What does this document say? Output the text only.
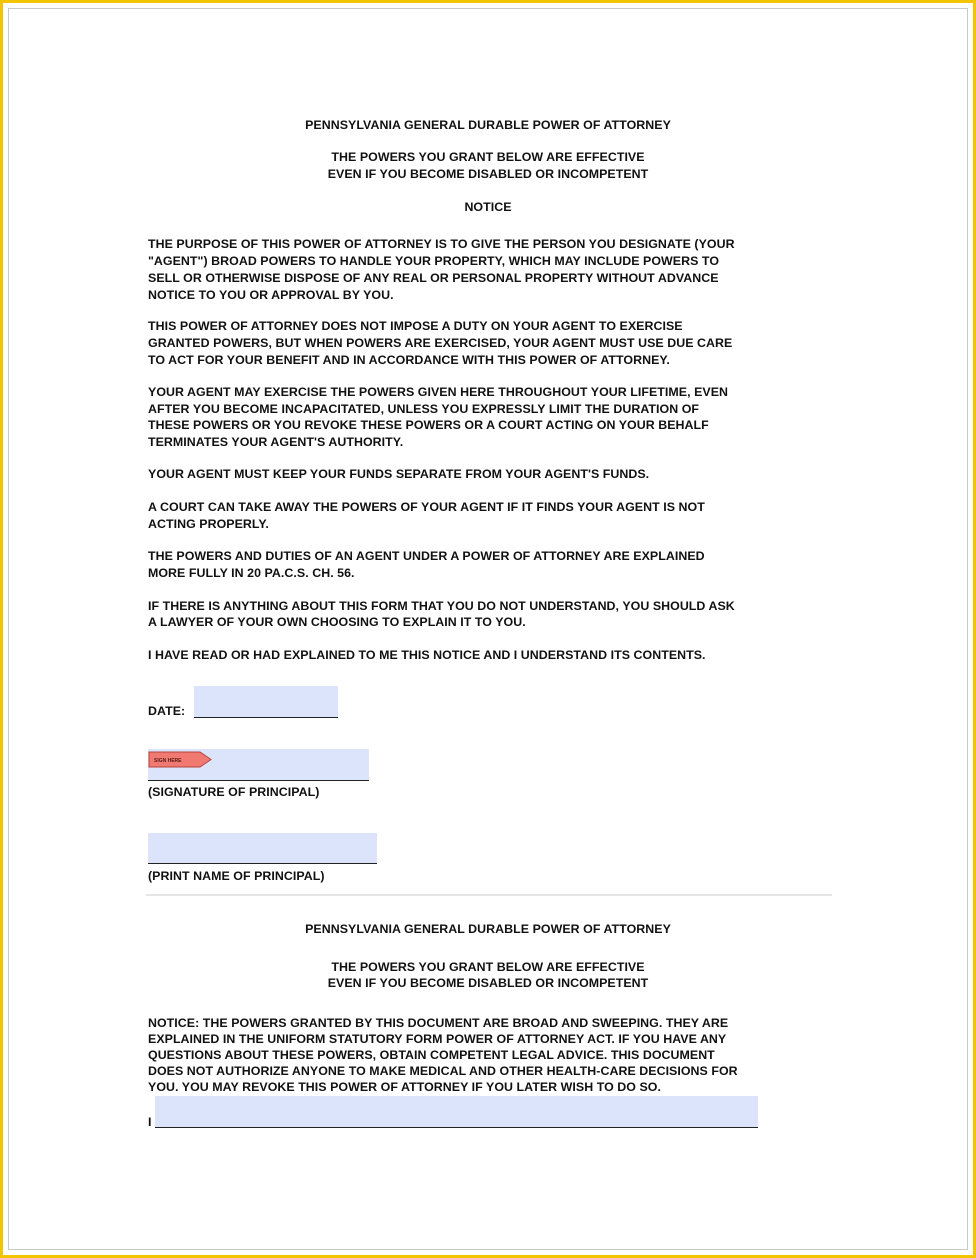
PENNSYLVANIA GENERAL DURABLE POWER OF ATTORNEY
THE POWERS YOU GRANT BELOW ARE EFFECTIVE
EVEN IF YOU BECOME DISABLED OR INCOMPETENT
NOTICE
THE PURPOSE OF THIS POWER OF ATTORNEY IS TO GIVE THE PERSON YOU DESIGNATE (YOUR
"AGENT") BROAD POWERS TO HANDLE YOUR PROPERTY, WHICH MAY INCLUDE POWERS TO
SELL OR OTHERWISE DISPOSE OF ANY REAL OR PERSONAL PROPERTY WITHOUT ADVANCE
NOTICE TO YOU OR APPROVAL BY YOU.
THIS POWER OF ATTORNEY DOES NOT IMPOSE A DUTY ON YOUR AGENT TO EXERCISE
GRANTED POWERS, BUT WHEN POWERS ARE EXERCISED, YOUR AGENT MUST USE DUE CARE
TO ACT FOR YOUR BENEFIT AND IN ACCORDANCE WITH THIS POWER OF ATTORNEY.
YOUR AGENT MAY EXERCISE THE POWERS GIVEN HERE THROUGHOUT YOUR LIFETIME, EVEN
AFTER YOU BECOME INCAPACITATED, UNLESS YOU EXPRESSLY LIMIT THE DURATION OF
THESE POWERS OR YOU REVOKE THESE POWERS OR A COURT ACTING ON YOUR BEHALF
TERMINATES YOUR AGENT'S AUTHORITY.
YOUR AGENT MUST KEEP YOUR FUNDS SEPARATE FROM YOUR AGENT'S FUNDS.
A COURT CAN TAKE AWAY THE POWERS OF YOUR AGENT IF IT FINDS YOUR AGENT IS NOT
ACTING PROPERLY.
THE POWERS AND DUTIES OF AN AGENT UNDER A POWER OF ATTORNEY ARE EXPLAINED
MORE FULLY IN 20 PA.C.S. CH. 56.
IF THERE IS ANYTHING ABOUT THIS FORM THAT YOU DO NOT UNDERSTAND, YOU SHOULD ASK
A LAWYER OF YOUR OWN CHOOSING TO EXPLAIN IT TO YOU.
I HAVE READ OR HAD EXPLAINED TO ME THIS NOTICE AND I UNDERSTAND ITS CONTENTS.
DATE:
SIGN HERE
(SIGNATURE OF PRINCIPAL)
(PRINT NAME OF PRINCIPAL)
PENNSYLVANIA GENERAL DURABLE POWER OF ATTORNEY
THE POWERS YOU GRANT BELOW ARE EFFECTIVE
EVEN IF YOU BECOME DISABLED OR INCOMPETENT
NOTICE: THE POWERS GRANTED BY THIS DOCUMENT ARE BROAD AND SWEEPING. THEY ARE
EXPLAINED IN THE UNIFORM STATUTORY FORM POWER OF ATTORNEY ACT. IF YOU HAVE ANY
QUESTIONS ABOUT THESE POWERS, OBTAIN COMPETENT LEGAL ADVICE. THIS DOCUMENT
DOES NOT AUTHORIZE ANYONE TO MAKE MEDICAL AND OTHER HEALTH-CARE DECISIONS FOR
YOU. YOU MAY REVOKE THIS POWER OF ATTORNEY IF YOU LATER WISH TO DO SO.
I
